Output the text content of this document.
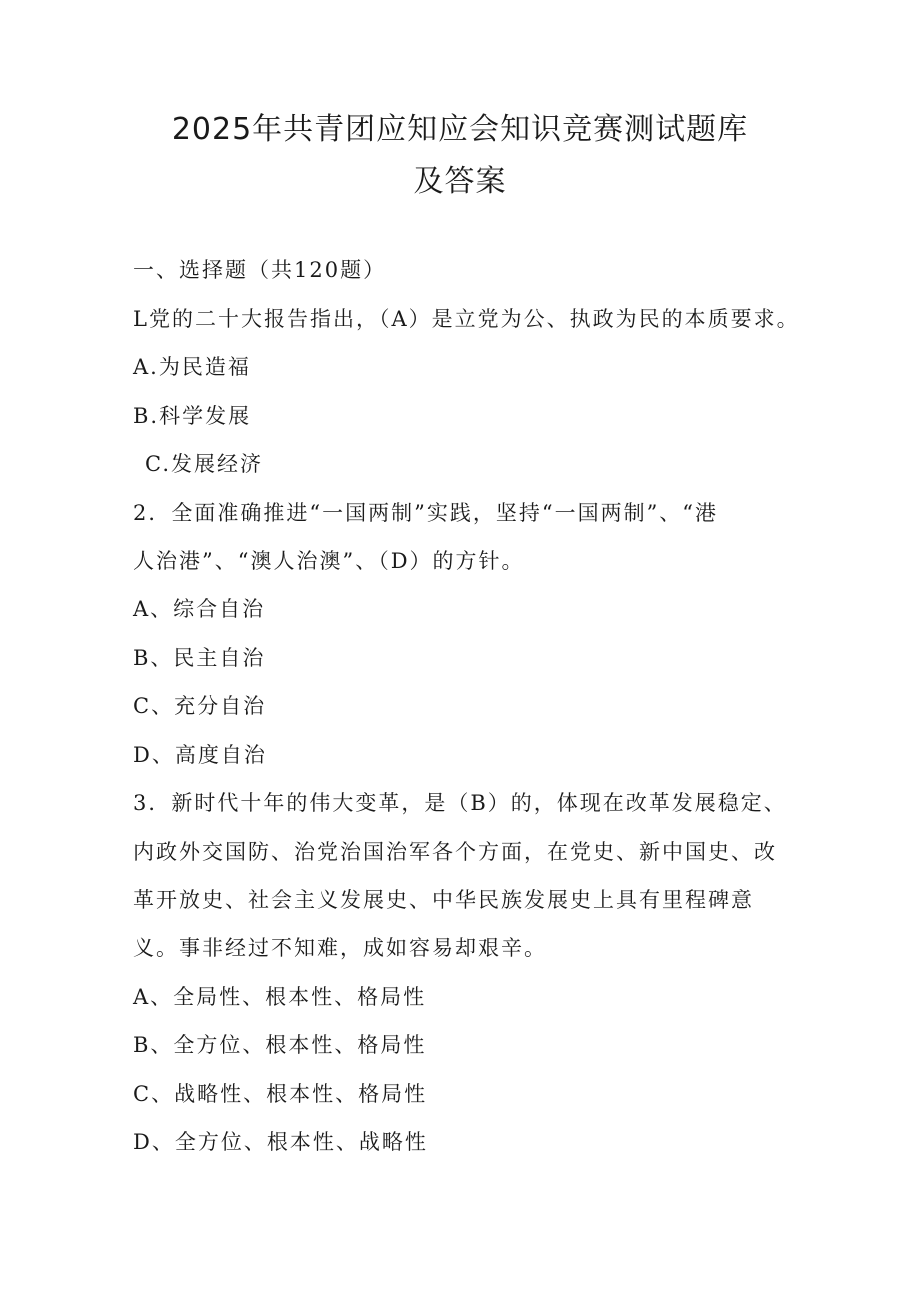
2025年共青团应知应会知识竞赛测试题库
及答案

一、选择题（共120题）

L党的二十大报告指出，（A）是立党为公、执政为民的本质要求。

A.为民造福

B.科学发展

C.发展经济

2．全面准确推进“一国两制”实践，坚持“一国两制”、“港

人治港”、“澳人治澳”、（D）的方针。

A、综合自治

B、民主自治

C、充分自治

D、高度自治

3．新时代十年的伟大变革，是（B）的，体现在改革发展稳定、

内政外交国防、治党治国治军各个方面，在党史、新中国史、改

革开放史、社会主义发展史、中华民族发展史上具有里程碑意

义。事非经过不知难，成如容易却艰辛。

A、全局性、根本性、格局性

B、全方位、根本性、格局性

C、战略性、根本性、格局性

D、全方位、根本性、战略性
